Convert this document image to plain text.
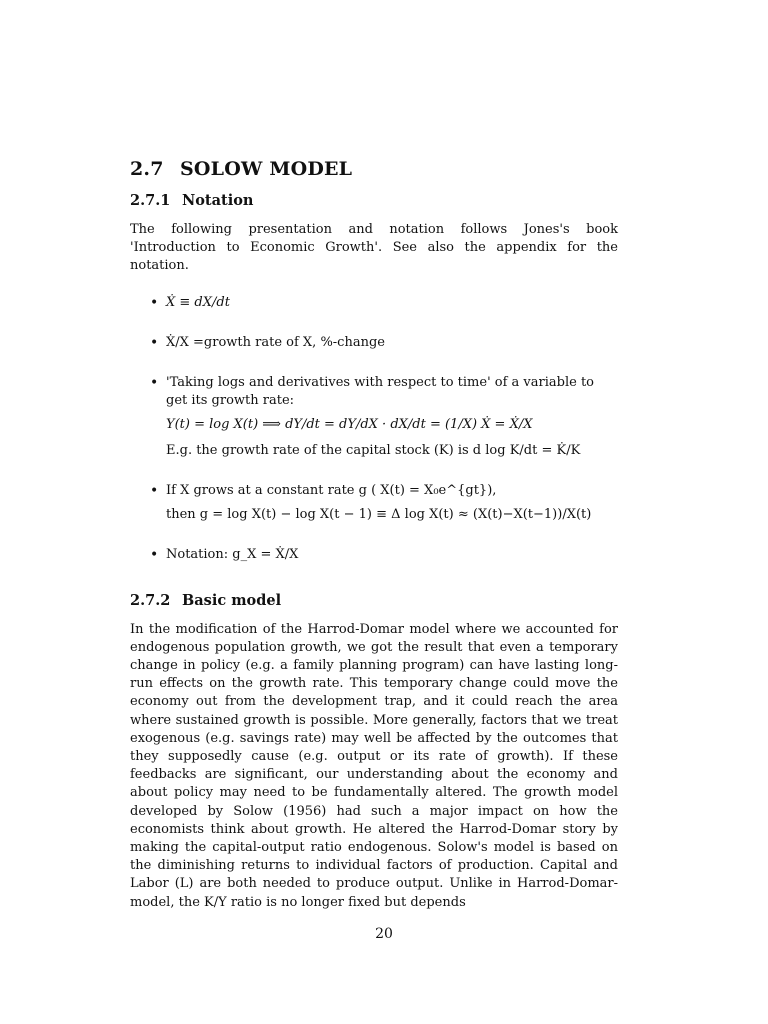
2.7 SOLOW MODEL
2.7.1 Notation

The following presentation and notation follows Jones's book 'Introduction to Economic Growth'. See also the appendix for the notation.

• Ẋ ≡ dX/dt
• Ẋ/X =growth rate of X, %-change
• 'Taking logs and derivatives with respect to time' of a variable to get its growth rate:
Y(t) = log X(t) ⟹ dY/dt = dY/dX · dX/dt = (1/X) Ẋ = Ẋ/X
E.g. the growth rate of the capital stock (K) is d log K/dt = K̇/K
• If X grows at a constant rate g ( X(t) = X₀e^{gt}),
then g = log X(t) − log X(t − 1) ≡ Δ log X(t) ≈ (X(t)−X(t−1))/X(t)
• Notation: g_X = Ẋ/X
2.7.2 Basic model

In the modification of the Harrod-Domar model where we accounted for endogenous population growth, we got the result that even a temporary change in policy (e.g. a family planning program) can have lasting long-run effects on the growth rate. This temporary change could move the economy out from the development trap, and it could reach the area where sustained growth is possible. More generally, factors that we treat exogenous (e.g. savings rate) may well be affected by the outcomes that they supposedly cause (e.g. output or its rate of growth). If these feedbacks are significant, our understanding about the economy and about policy may need to be fundamentally altered. The growth model developed by Solow (1956) had such a major impact on how the economists think about growth. He altered the Harrod-Domar story by making the capital-output ratio endogenous. Solow's model is based on the diminishing returns to individual factors of production. Capital and Labor (L) are both needed to produce output. Unlike in Harrod-Domar-model, the K/Y ratio is no longer fixed but depends

20
